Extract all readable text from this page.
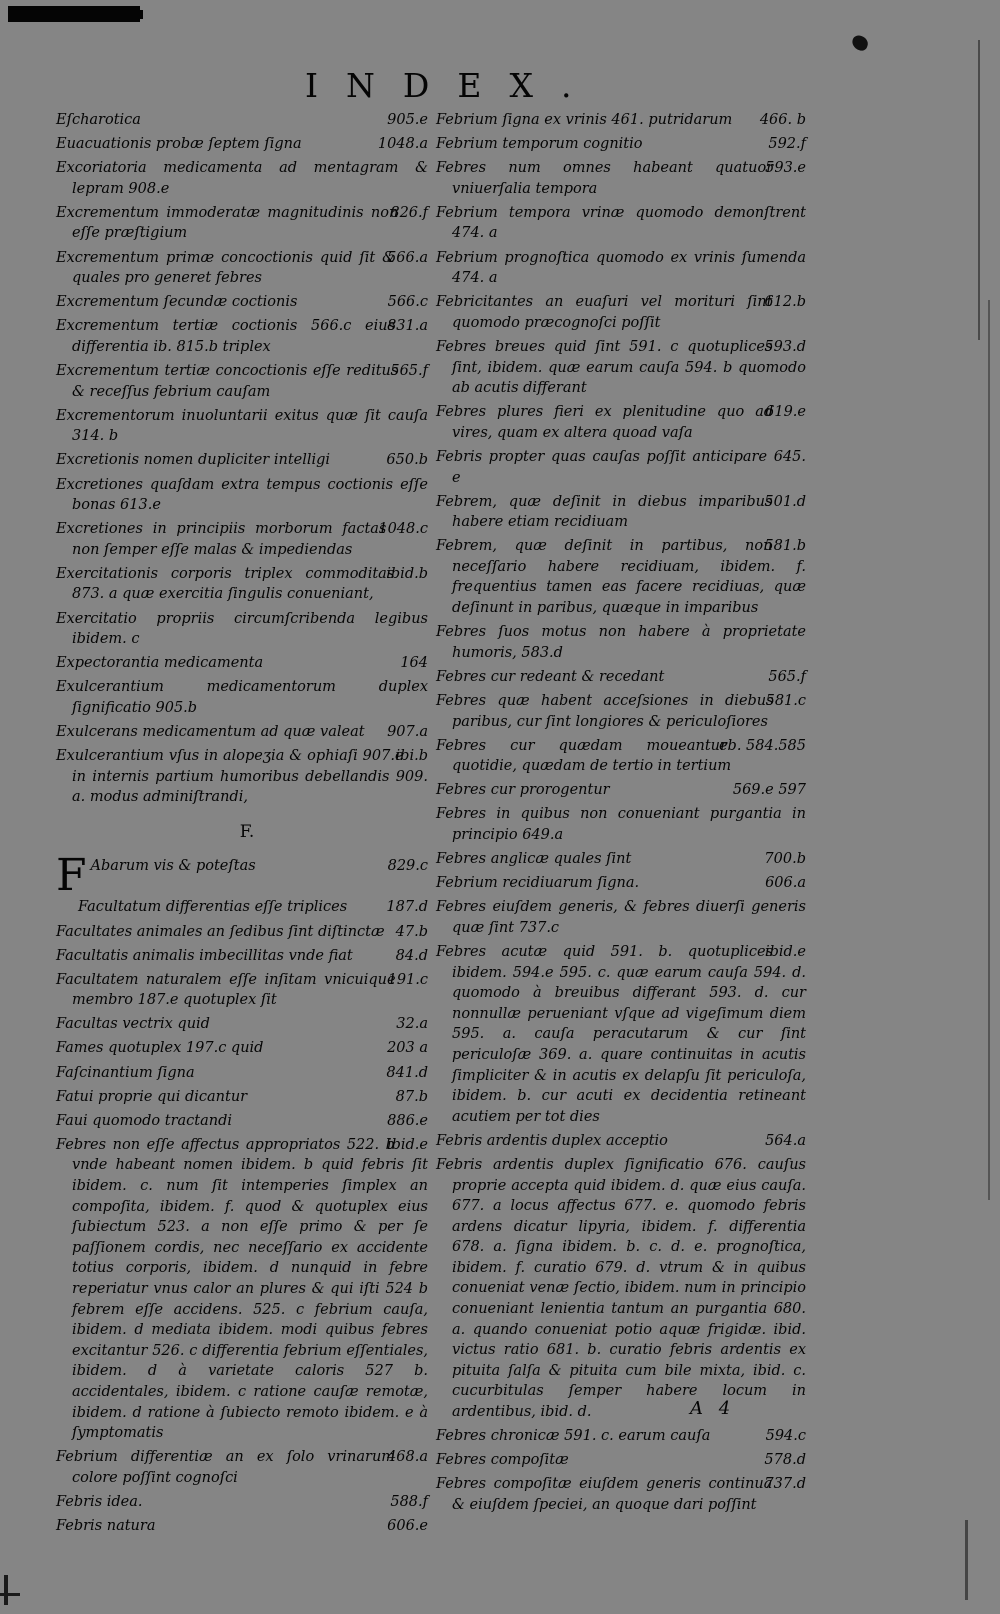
INDEX.

905.e
Eſcharotica

1048.a
Euacuationis probæ ſeptem ſigna

Excoriatoria medicamenta ad mentagram & lepram 908.e

826.f
Excrementum immoderatæ magnitudinis non eſſe præſtigium

566.a
Excrementum primæ concoctionis quid ſit & quales pro generet febres

566.c
Excrementum ſecundæ coctionis

831.a
Excrementum tertiæ coctionis 566.c eius differentia ib. 815.b triplex

565.f
Excrementum tertiæ concoctionis eſſe reditus & receſſus febrium cauſam

Excrementorum inuoluntarii exitus quæ ſit cauſa 314. b

650.b
Excretionis nomen dupliciter intelligi

Excretiones quaſdam extra tempus coctionis eſſe bonas 613.e

1048.c
Excretiones in principiis morborum factas non ſemper eſſe malas & impediendas

ibid.b
Exercitationis corporis triplex commoditas 873. a quæ exercitia ſingulis conueniant,

Exercitatio propriis circumſcribenda legibus ibidem. c

164
Expectorantia medicamenta

Exulcerantium medicamentorum duplex ſignificatio 905.b

907.a
Exulcerans medicamentum ad quæ valeat

ibi.b
Exulcerantium vſus in alopeʒia & ophiaſi 907.e in internis partium humoribus debellandis 909. a. modus adminiſtrandi,

F.

F	829.c
Abarum vis & poteſtas

187.d
Facultatum differentias eſſe triplices

47.b
Facultates animales an ſedibus ſint diſtinctæ

84.d
Facultatis animalis imbecillitas vnde fiat

191.c
Facultatem naturalem eſſe inſitam vnicuique membro 187.e quotuplex ſit

32.a
Facultas vectrix quid

203 a
Fames quotuplex 197.c quid

841.d
Faſcinantium ſigna

87.b
Fatui proprie qui dicantur

886.e
Faui quomodo tractandi

ibid.e
Febres non eſſe affectus appropriatos 522. b vnde habeant nomen ibidem. b quid febris ſit ibidem. c. num ſit intemperies ſimplex an compoſita, ibidem. f. quod & quotuplex eius ſubiectum 523. a non eſſe primo & per ſe paſſionem cordis, nec neceſſario ex accidente totius corporis, ibidem. d nunquid in febre reperiatur vnus calor an plures & qui iſti 524 b febrem eſſe accidens. 525. c febrium cauſa, ibidem. d mediata ibidem. modi quibus febres excitantur 526. c differentia febrium eſſentiales, ibidem. d à varietate caloris 527 b. accidentales, ibidem. c ratione cauſæ remotæ, ibidem. d ratione à ſubiecto remoto ibidem. e à ſymptomatis

468.a
Febrium differentiæ an ex ſolo vrinarum colore poſſint cognoſci

588.f
Febris idea.

606.e
Febris natura

466. b
Febrium ſigna ex vrinis 461. putridarum

592.f
Febrium temporum cognitio

593.e
Febres num omnes habeant quatuor vniuerſalia tempora

Febrium tempora vrinæ quomodo demonſtrent 474. a

Febrium prognoſtica quomodo ex vrinis ſumenda 474. a

612.b
Febricitantes an euaſuri vel morituri ſint quomodo præcognoſci poſſit

593.d
Febres breues quid ſint 591. c quotuplices ſint, ibidem. quæ earum cauſa 594. b quomodo ab acutis differant

619.e
Febres plures fieri ex plenitudine quo ad vires, quam ex altera quoad vaſa

Febris propter quas cauſas poſſit anticipare 645. e

501.d
Febrem, quæ deſinit in diebus imparibus habere etiam recidiuam

581.b
Febrem, quæ deſinit in partibus, non neceſſario habere recidiuam, ibidem. f. frequentius tamen eas facere recidiuas, quæ deſinunt in paribus, quæque in imparibus

Febres ſuos motus non habere à proprietate humoris, 583.d

565.f
Febres cur redeant & recedant

581.c
Febres quæ habent acceſsiones in diebus paribus, cur ſint longiores & periculoſiores

eb. 584.585
Febres cur quædam moueantur quotidie, quædam de tertio in tertium

569.e 597
Febres cur prorogentur

Febres in quibus non conueniant purgantia in principio 649.a

700.b
Febres anglicæ quales ſint

606.a
Febrium recidiuarum ſigna.

Febres eiuſdem generis, & febres diuerſi generis quæ ſint 737.c

ibid.e
Febres acutæ quid 591. b. quotuplices ibidem. 594.e 595. c. quæ earum cauſa 594. d. quomodo à breuibus differant 593. d. cur nonnullæ perueniant vſque ad vigeſimum diem 595. a. cauſa peracutarum & cur ſint periculoſæ 369. a. quare continuitas in acutis ſimpliciter & in acutis ex delapſu ſit periculoſa, ibidem. b. cur acuti ex decidentia retineant acutiem per tot dies

564.a
Febris ardentis duplex acceptio

Febris ardentis duplex ſignificatio 676. cauſus proprie accepta quid ibidem. d. quæ eius cauſa. 677. a locus affectus 677. e. quomodo febris ardens dicatur lipyria, ibidem. f. differentia 678. a. ſigna ibidem. b. c. d. e. prognoſtica, ibidem. f. curatio 679. d. vtrum & in quibus conueniat venæ ſectio, ibidem. num in principio conueniant lenientia tantum an purgantia 680. a. quando conueniat potio aquæ frigidæ. ibid. victus ratio 681. b. curatio febris ardentis ex pituita ſalſa & pituita cum bile mixta, ibid. c. cucurbitulas ſemper habere locum in ardentibus, ibid. d.

594.c
Febres chronicæ 591. c. earum cauſa

578.d
Febres compoſitæ

737.d
Febres compoſitæ eiuſdem generis continua & eiuſdem ſpeciei, an quoque dari poſſint

A 4
